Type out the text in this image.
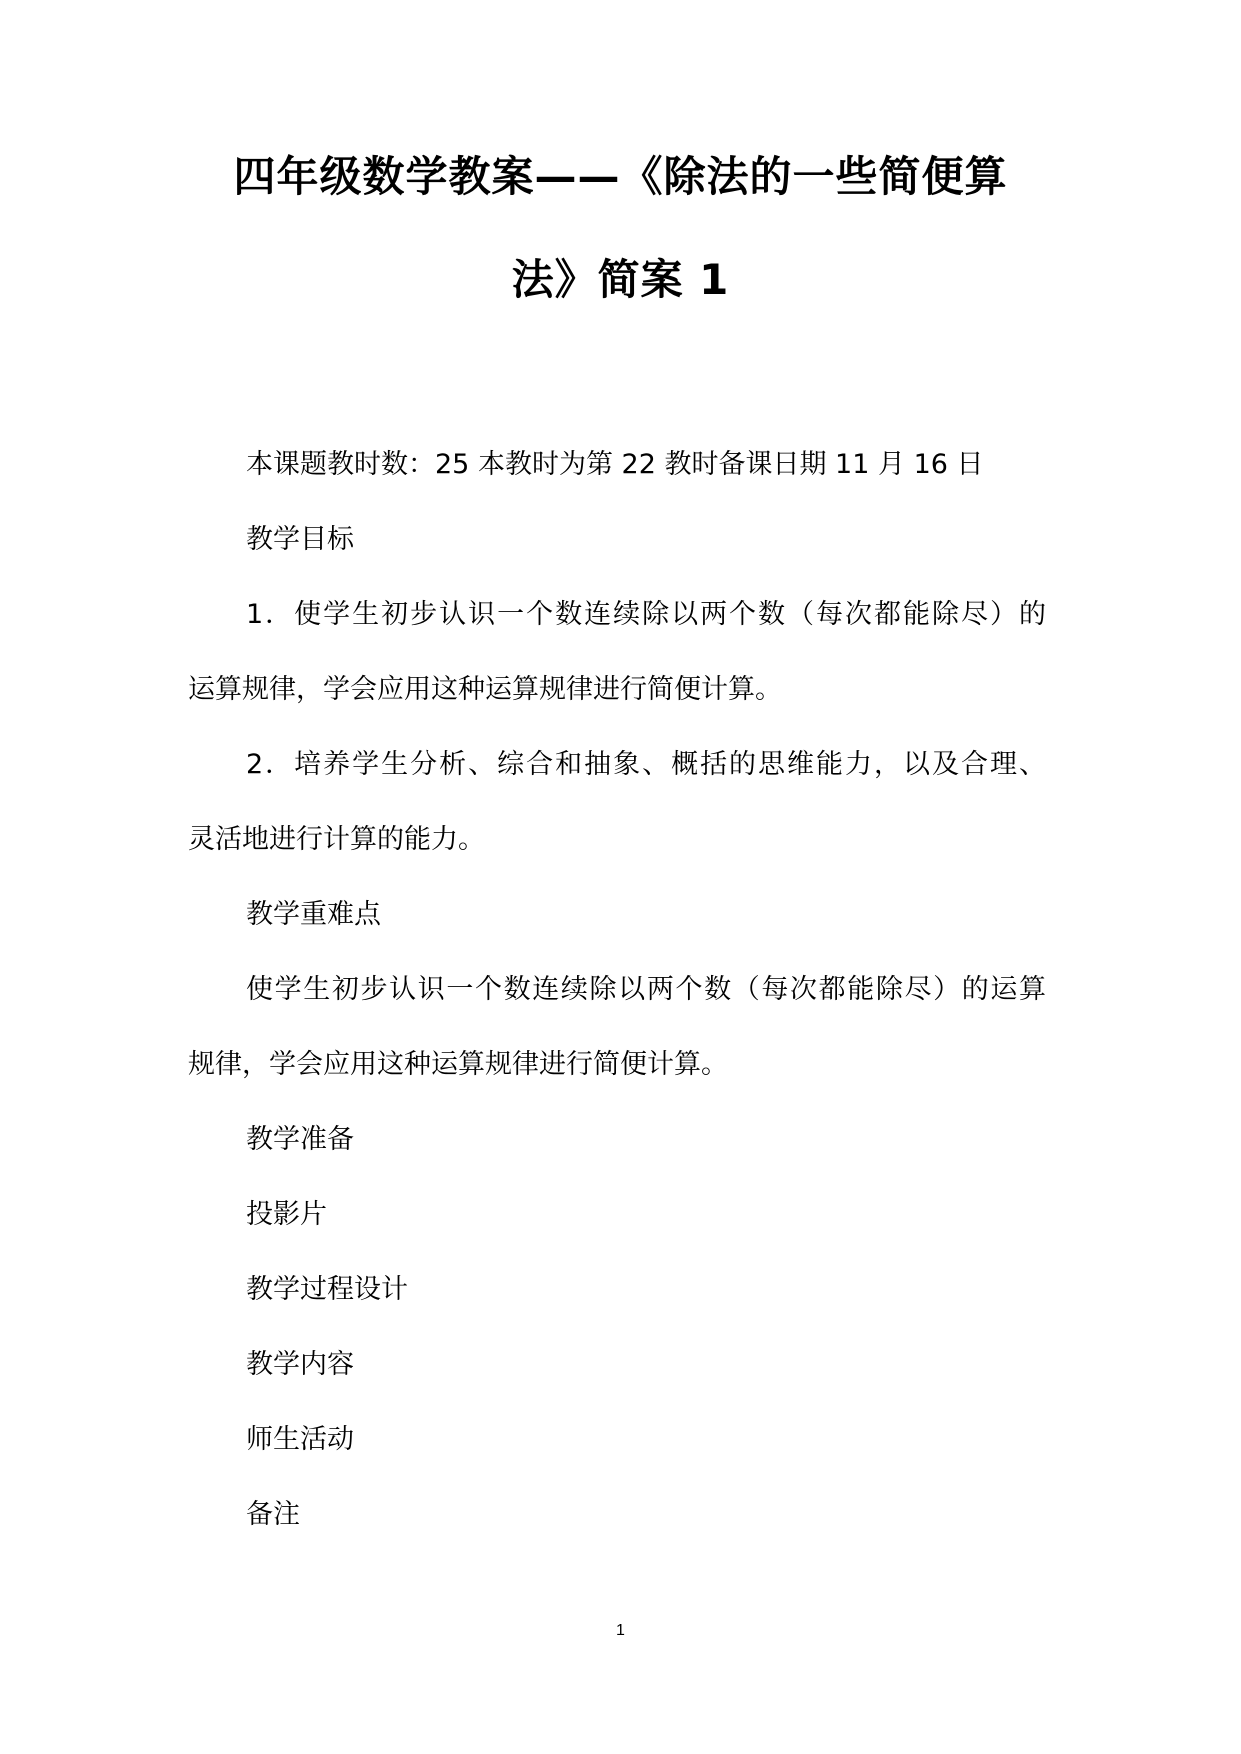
四年级数学教案——《除法的一些简便算
法》简案 1
本课题教时数：25 本教时为第 22 教时备课日期 11 月 16 日
教学目标
1．使学生初步认识一个数连续除以两个数（每次都能除尽）的
运算规律，学会应用这种运算规律进行简便计算。
2．培养学生分析、综合和抽象、概括的思维能力，以及合理、
灵活地进行计算的能力。
教学重难点
使学生初步认识一个数连续除以两个数（每次都能除尽）的运算
规律，学会应用这种运算规律进行简便计算。
教学准备
投影片
教学过程设计
教学内容
师生活动
备注
1
